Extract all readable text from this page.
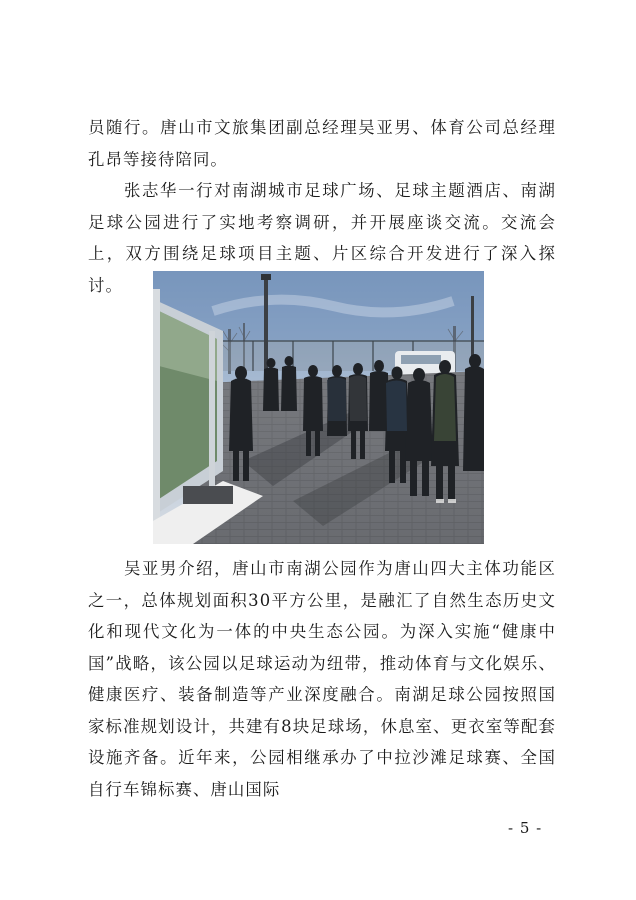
员随行。唐山市文旅集团副总经理吴亚男、体育公司总经理孔昂等接待陪同。

张志华一行对南湖城市足球广场、足球主题酒店、南湖足球公园进行了实地考察调研，并开展座谈交流。交流会上，双方围绕足球项目主题、片区综合开发进行了深入探讨。

吴亚男介绍，唐山市南湖公园作为唐山四大主体功能区之一，总体规划面积30平方公里，是融汇了自然生态历史文化和现代文化为一体的中央生态公园。为深入实施“健康中国”战略，该公园以足球运动为纽带，推动体育与文化娱乐、健康医疗、装备制造等产业深度融合。南湖足球公园按照国家标准规划设计，共建有8块足球场，休息室、更衣室等配套设施齐备。近年来，公园相继承办了中拉沙滩足球赛、全国自行车锦标赛、唐山国际

- 5 -
